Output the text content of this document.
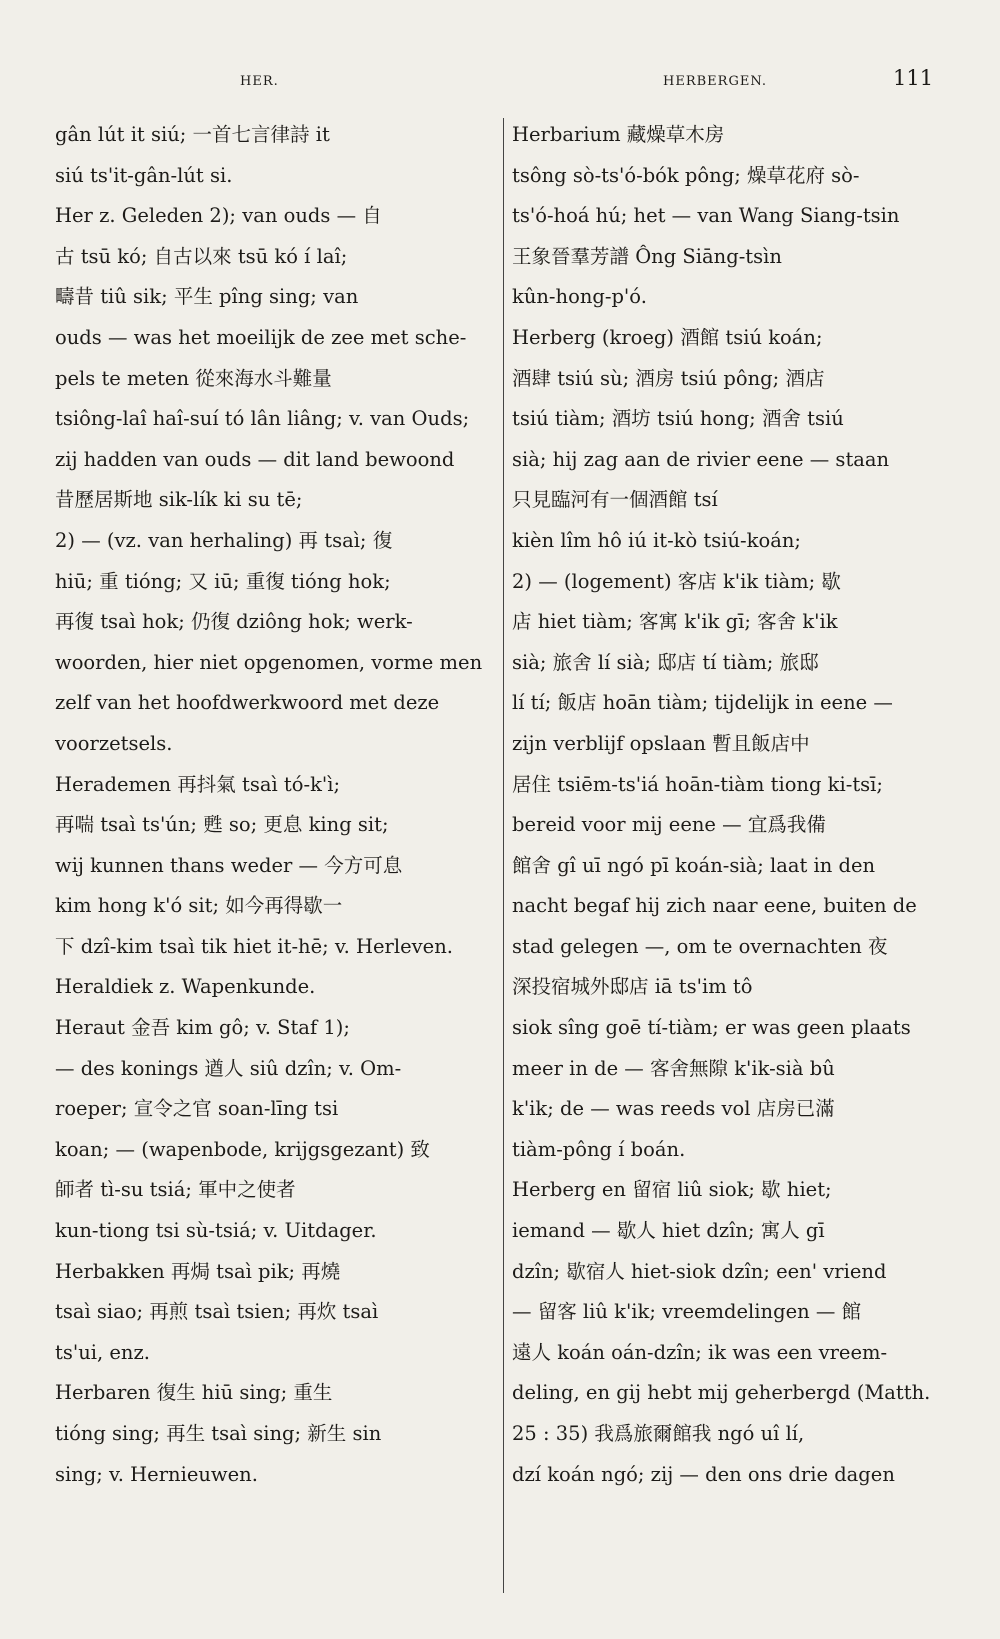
HER.	HERBERGEN.	111
gân lút it siú; 一首七言律詩 it
siú ts'it-gân-lút si.
Her z. Geleden 2); van ouds — 自
古 tsū kó; 自古以來 tsū kó í laî;
疇昔 tiû sik; 平生 pîng sing; van
ouds — was het moeilijk de zee met sche-
pels te meten 從來海水斗難量
tsiông-laî haî-suí tó lân liâng; v. van Ouds;
zij hadden van ouds — dit land bewoond
昔歷居斯地 sik-lík ki su tē;
2) — (vz. van herhaling) 再 tsaì; 復
hiū; 重 tióng; 又 iū; 重復 tióng hok;
再復 tsaì hok; 仍復 dziông hok; werk-
woorden, hier niet opgenomen, vorme men
zelf van het hoofdwerkwoord met deze
voorzetsels.
Herademen 再抖氣 tsaì tó-k'ì;
再喘 tsaì ts'ún; 甦 so; 更息 king sit;
wij kunnen thans weder — 今方可息
kim hong k'ó sit; 如今再得歇一
下 dzî-kim tsaì tik hiet it-hē; v. Herleven.
Heraldiek z. Wapenkunde.
Heraut 金吾 kim gô; v. Staf 1);
— des konings 遒人 siû dzîn; v. Om-
roeper; 宣令之官 soan-līng tsi
koan; — (wapenbode, krijgsgezant) 致
師者 tì-su tsiá; 軍中之使者
kun-tiong tsi sù-tsiá; v. Uitdager.
Herbakken 再焗 tsaì pik; 再燒
tsaì siao; 再煎 tsaì tsien; 再炊 tsaì
ts'ui, enz.
Herbaren 復生 hiū sing; 重生
tióng sing; 再生 tsaì sing; 新生 sin
sing; v. Hernieuwen.
Herbarium 藏燥草木房
tsông sò-ts'ó-bók pông; 燥草花府 sò-
ts'ó-hoá hú; het — van Wang Siang-tsin
王象晉羣芳譜 Ông Siāng-tsìn
kûn-hong-p'ó.
Herberg (kroeg) 酒館 tsiú koán;
酒肆 tsiú sù; 酒房 tsiú pông; 酒店
tsiú tiàm; 酒坊 tsiú hong; 酒舍 tsiú
sià; hij zag aan de rivier eene — staan
只見臨河有一個酒館 tsí
kièn lîm hô iú it-kò tsiú-koán;
2) — (logement) 客店 k'ik tiàm; 歇
店 hiet tiàm; 客寓 k'ik gī; 客舍 k'ik
sià; 旅舍 lí sià; 邸店 tí tiàm; 旅邸
lí tí; 飯店 hoān tiàm; tijdelijk in eene —
zijn verblijf opslaan 暫且飯店中
居住 tsiēm-ts'iá hoān-tiàm tiong ki-tsī;
bereid voor mij eene — 宜爲我備
館舍 gî uī ngó pī koán-sià; laat in den
nacht begaf hij zich naar eene, buiten de
stad gelegen —, om te overnachten 夜
深投宿城外邸店 iā ts'im tô
siok sîng goē tí-tiàm; er was geen plaats
meer in de — 客舍無隙 k'ik-sià bû
k'ik; de — was reeds vol 店房已滿
tiàm-pông í boán.
Herberg en 留宿 liû siok; 歇 hiet;
iemand — 歇人 hiet dzîn; 寓人 gī
dzîn; 歇宿人 hiet-siok dzîn; een' vriend
— 留客 liû k'ik; vreemdelingen — 館
遠人 koán oán-dzîn; ik was een vreem-
deling, en gij hebt mij geherbergd (Matth.
25 : 35) 我爲旅爾館我 ngó uî lí,
dzí koán ngó; zij — den ons drie dagen
